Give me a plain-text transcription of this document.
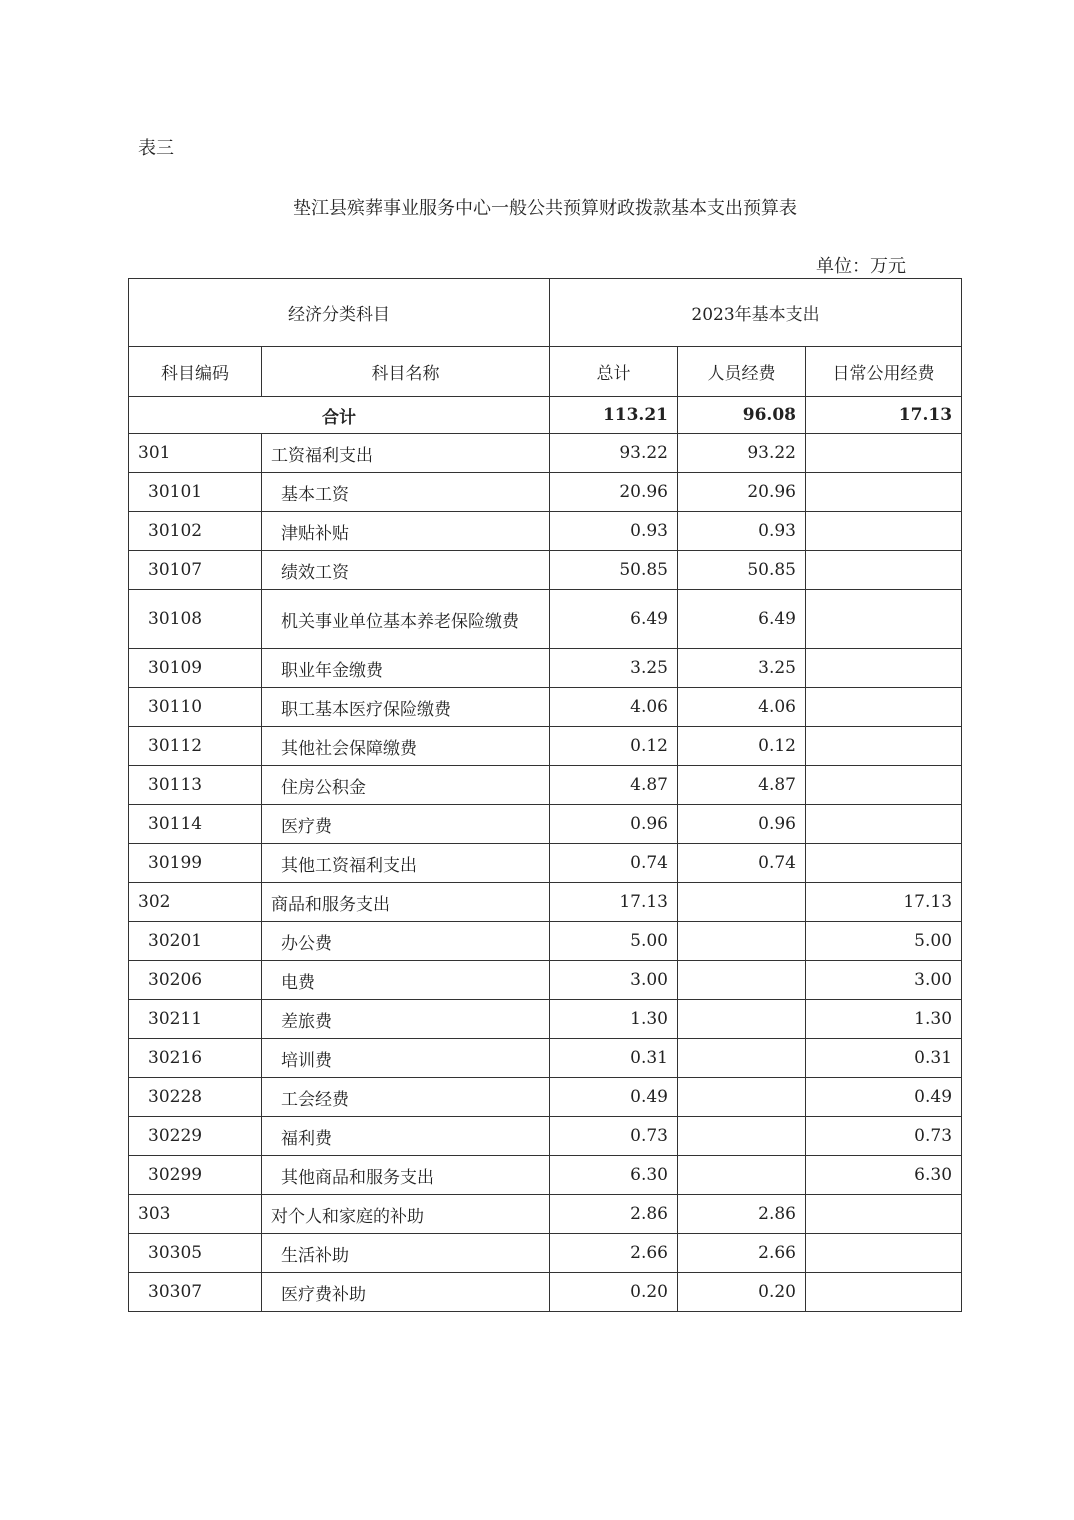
表三
垫江县殡葬事业服务中心一般公共预算财政拨款基本支出预算表
单位：万元
经济分类科目		2023年基本支出		
科目编码	科目名称	总计	人员经费	日常公用经费
合计		113.21	96.08	17.13
301	工资福利支出	93.22	93.22	
30101	基本工资	20.96	20.96	
30102	津贴补贴	0.93	0.93	
30107	绩效工资	50.85	50.85	
30108	机关事业单位基本养老保险缴费	6.49	6.49	
30109	职业年金缴费	3.25	3.25	
30110	职工基本医疗保险缴费	4.06	4.06	
30112	其他社会保障缴费	0.12	0.12	
30113	住房公积金	4.87	4.87	
30114	医疗费	0.96	0.96	
30199	其他工资福利支出	0.74	0.74	
302	商品和服务支出	17.13		17.13
30201	办公费	5.00		5.00
30206	电费	3.00		3.00
30211	差旅费	1.30		1.30
30216	培训费	0.31		0.31
30228	工会经费	0.49		0.49
30229	福利费	0.73		0.73
30299	其他商品和服务支出	6.30		6.30
303	对个人和家庭的补助	2.86	2.86	
30305	生活补助	2.66	2.66	
30307	医疗费补助	0.20	0.20	
